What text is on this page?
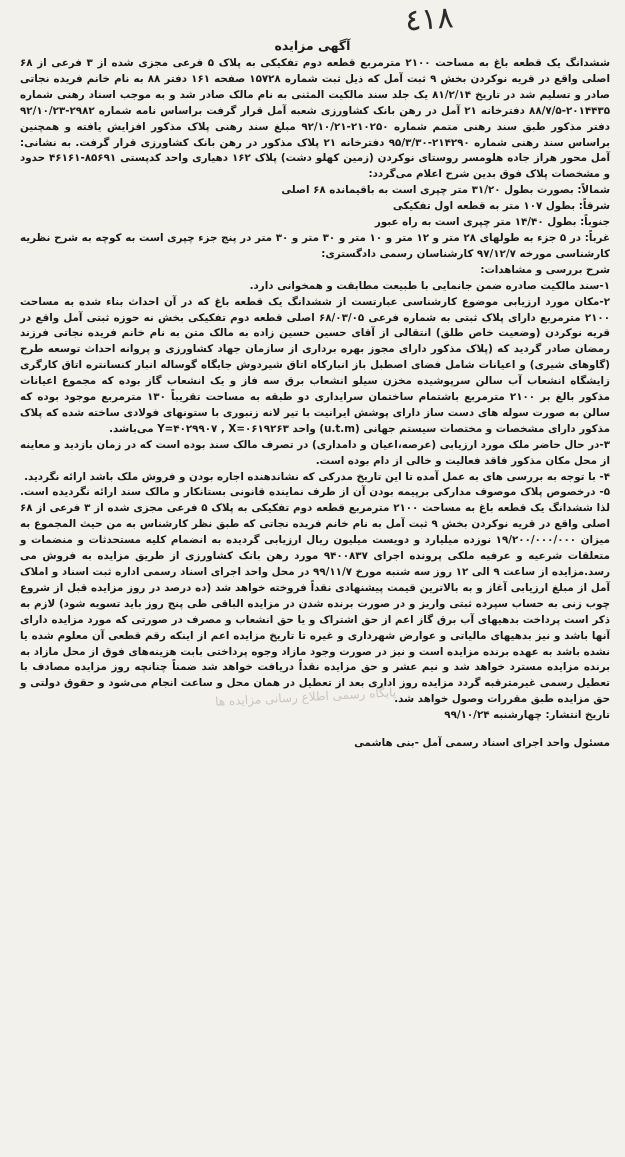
٤١٨
آگهی مزایده

ششدانگ یک قطعه باغ به مساحت ۲۱۰۰ مترمربع قطعه دوم تفکیکی به پلاک ۵ فرعی مجزی شده از ۳ فرعی از ۶۸ اصلی واقع در قریه نوکردن بخش ۹ ثبت آمل که ذیل ثبت شماره ۱۵۷۲۸ صفحه ۱۶۱ دفتر ۸۸ به نام خانم فریده نجاتی صادر و تسلیم شد در تاریخ ۸۱/۲/۱۴ یک جلد سند مالکیت المثنی به نام مالک صادر شد و به موجب اسناد رهنی شماره ۲۰۱۴۴۳۵-۸۸/۷/۵ دفترخانه ۲۱ آمل در رهن بانک کشاورزی شعبه آمل قرار گرفت براساس نامه شماره ۲۹۸۲-۹۲/۱۰/۲۳ دفتر مذکور طبق سند رهنی متمم شماره ۲۱۰۲۵۰-۹۲/۱۰/۲۱ مبلغ سند رهنی پلاک مذکور افزایش یافته و همچنین براساس سند رهنی شماره ۲۱۴۲۹۰-۹۵/۳/۳۰ دفترخانه ۲۱ پلاک مذکور در رهن بانک کشاورزی قرار گرفت. به نشانی: آمل محور هراز جاده هلومسر روستای نوکردن (زمین کهلو دشت) پلاک ۱۶۲ دهیاری واحد کدپستی ۸۵۶۹۱-۴۶۱۶۱ حدود و مشخصات پلاک فوق بدین شرح اعلام می‌گردد:

شمالاً: بصورت بطول ۳۱/۲۰ متر چپری است به باقیمانده ۶۸ اصلی

شرقاً: بطول ۱۰۷ متر به قطعه اول تفکیکی

جنوباً: بطول ۱۴/۴۰ متر چپری است به راه عبور

غرباً: در ۵ جزء به طولهای ۲۸ متر و ۱۲ متر و ۱۰ متر و ۳۰ متر و ۳۰ متر در پنج جزء چپری است به کوچه به شرح نظریه کارشناسی مورخه ۹۷/۱۲/۷ کارشناسان رسمی دادگستری:

شرح بررسی و مشاهدات:

۱-سند مالکیت صادره ضمن جانمایی با طبیعت مطابقت و همخوانی دارد.

۲-مکان مورد ارزیابی موضوع کارشناسی عبارتست از ششدانگ یک قطعه باغ که در آن احداث بناء شده به مساحت ۲۱۰۰ مترمربع دارای پلاک ثبتی به شماره فرعی ۶۸/۰۳/۰۵ اصلی قطعه دوم تفکیکی بخش نه حوزه ثبتی آمل واقع در قریه نوکردن (وضعیت خاص طلق) انتقالی از آقای حسین حسین زاده به مالک متن به نام خانم فریده نجاتی فرزند رمضان صادر گردید که (پلاک مذکور دارای مجوز بهره برداری از سازمان جهاد کشاورزی و پروانه احداث توسعه طرح (گاوهای شیری) و اعیانات شامل فضای اصطبل باز انبارکاه اتاق شیردوش جایگاه گوساله انبار کنسانتره اتاق کارگری زایشگاه انشعاب آب سالن سرپوشیده مخزن سیلو انشعاب برق سه فاز و یک انشعاب گاز بوده که مجموع اعیانات مذکور بالغ بر ۲۱۰۰ مترمربع باشتمام ساختمان سرایداری دو طبقه به مساحت تقریباً ۱۳۰ مترمربع موجود بوده که سالن به صورت سوله های دست ساز دارای پوشش ایرانیت با تیر لانه زنبوری با ستونهای فولادی ساخته شده که پلاک مذکور دارای مشخصات و مختصات سیستم جهانی (u.t.m) واحد Y=۴۰۲۹۹۰۷ , X=۰۶۱۹۲۶۳ می‌باشد.

۳-در حال حاضر ملک مورد ارزیابی (عرصه،اعیان و دامداری) در تصرف مالک سند بوده است که در زمان بازدید و معاینه از محل مکان مذکور فاقد فعالیت و خالی از دام بوده است.

۴- با توجه به بررسی های به عمل آمده تا این تاریخ مدرکی که نشاندهنده اجاره بودن و فروش ملک باشد ارائه نگردید.

۵- درخصوص پلاک موصوف مدارکی برپیمه بودن آن از طرف نماینده قانونی بستانکار و مالک سند ارائه نگردیده است. لذا ششدانگ یک قطعه باغ به مساحت ۲۱۰۰ مترمربع قطعه دوم تفکیکی به پلاک ۵ فرعی مجزی شده از ۳ فرعی از ۶۸ اصلی واقع در قریه نوکردن بخش ۹ ثبت آمل به نام خانم فریده نجاتی که طبق نظر کارشناس به من حیث المجموع به میزان ۱۹/۲۰۰/۰۰۰/۰۰۰ نوزده میلیارد و دویست میلیون ریال ارزیابی گردیده به انضمام کلیه مستحدثات و منضمات و متعلقات شرعیه و عرفیه ملکی پرونده اجرای ۹۴۰۰۸۳۷ مورد رهن بانک کشاورزی از طریق مزایده به فروش می رسد.مزایده از ساعت ۹ الی ۱۲ روز سه شنبه مورخ ۹۹/۱۱/۷ در محل واحد اجرای اسناد رسمی اداره ثبت اسناد و املاک آمل از مبلغ ارزیابی آغاز و به بالاترین قیمت پیشنهادی نقداً فروخته خواهد شد (ده درصد در روز مزایده قبل از شروع چوب زنی به حساب سپرده ثبتی واریز و در صورت برنده شدن در مزایده الباقی طی پنج روز باید تسویه شود) لازم به ذکر است پرداخت بدهیهای آب برق گاز اعم از حق اشتراک و یا حق انشعاب و مصرف در صورتی که مورد مزایده دارای آنها باشد و نیز بدهیهای مالیاتی و عوارض شهرداری و غیره تا تاریخ مزایده اعم از اینکه رقم قطعی آن معلوم شده یا نشده باشد به عهده برنده مزایده است و نیز در صورت وجود مازاد وجوه پرداختی بابت هزینه‌های فوق از محل مازاد به برنده مزایده مسترد خواهد شد و نیم عشر و حق مزایده نقداً دریافت خواهد شد ضمناً چنانچه روز مزایده مصادف با تعطیل رسمی غیرمترقبه گردد مزایده روز اداری بعد از تعطیل در همان محل و ساعت انجام می‌شود و حقوق دولتی و حق مزایده طبق مقررات وصول خواهد شد.

تاریخ انتشار: چهارشنبه ۹۹/۱۰/۲۴

مسئول واحد اجرای اسناد رسمی آمل -بنی هاشمی

پایگاه رسمی اطلاع رسانی مزایده ها
